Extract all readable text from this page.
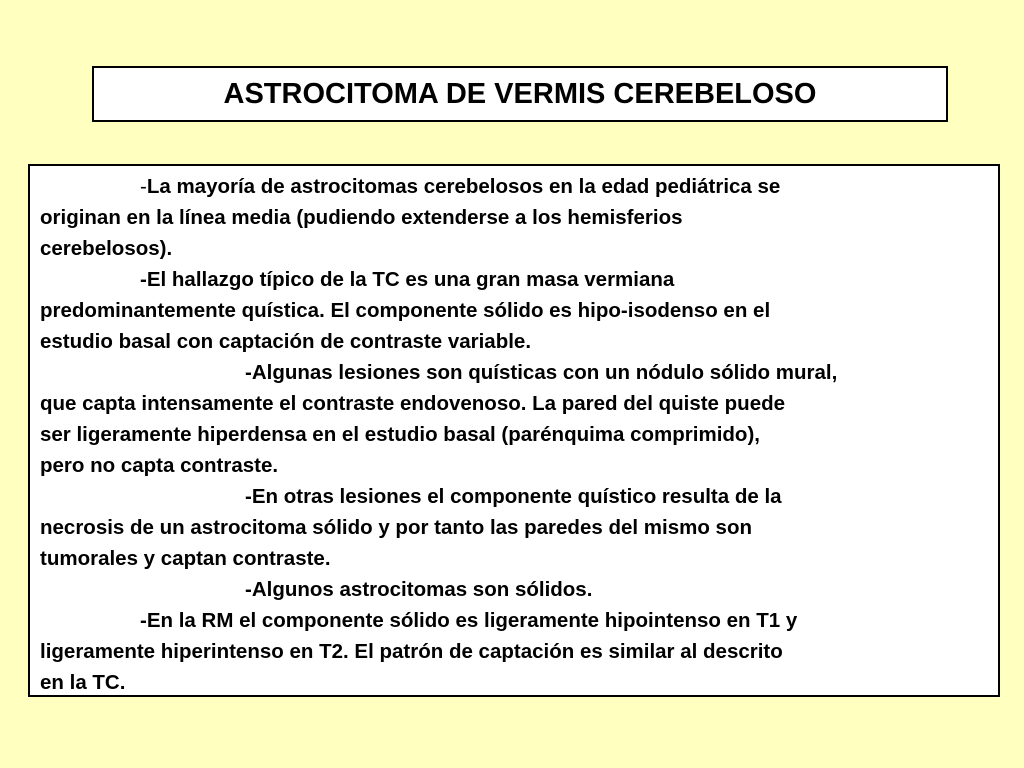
ASTROCITOMA DE VERMIS CEREBELOSO
-La mayoría de astrocitomas cerebelosos en la edad pediátrica se
originan en la línea media (pudiendo extenderse a los hemisferios
cerebelosos).
-El hallazgo típico de la TC es una gran masa vermiana
predominantemente quística. El componente sólido es hipo-isodenso en el
estudio basal con captación de contraste variable.
-Algunas lesiones son quísticas con un nódulo sólido mural,
que capta intensamente el contraste endovenoso. La pared del quiste puede
ser ligeramente hiperdensa en el estudio basal (parénquima comprimido),
pero no capta contraste.
-En otras lesiones el componente quístico resulta de la
necrosis de un astrocitoma sólido y por tanto las paredes del mismo son
tumorales y captan contraste.
-Algunos astrocitomas son sólidos.
-En la RM el componente sólido es ligeramente hipointenso en T1 y
ligeramente hiperintenso en T2. El patrón de captación es similar al descrito
en la TC.
